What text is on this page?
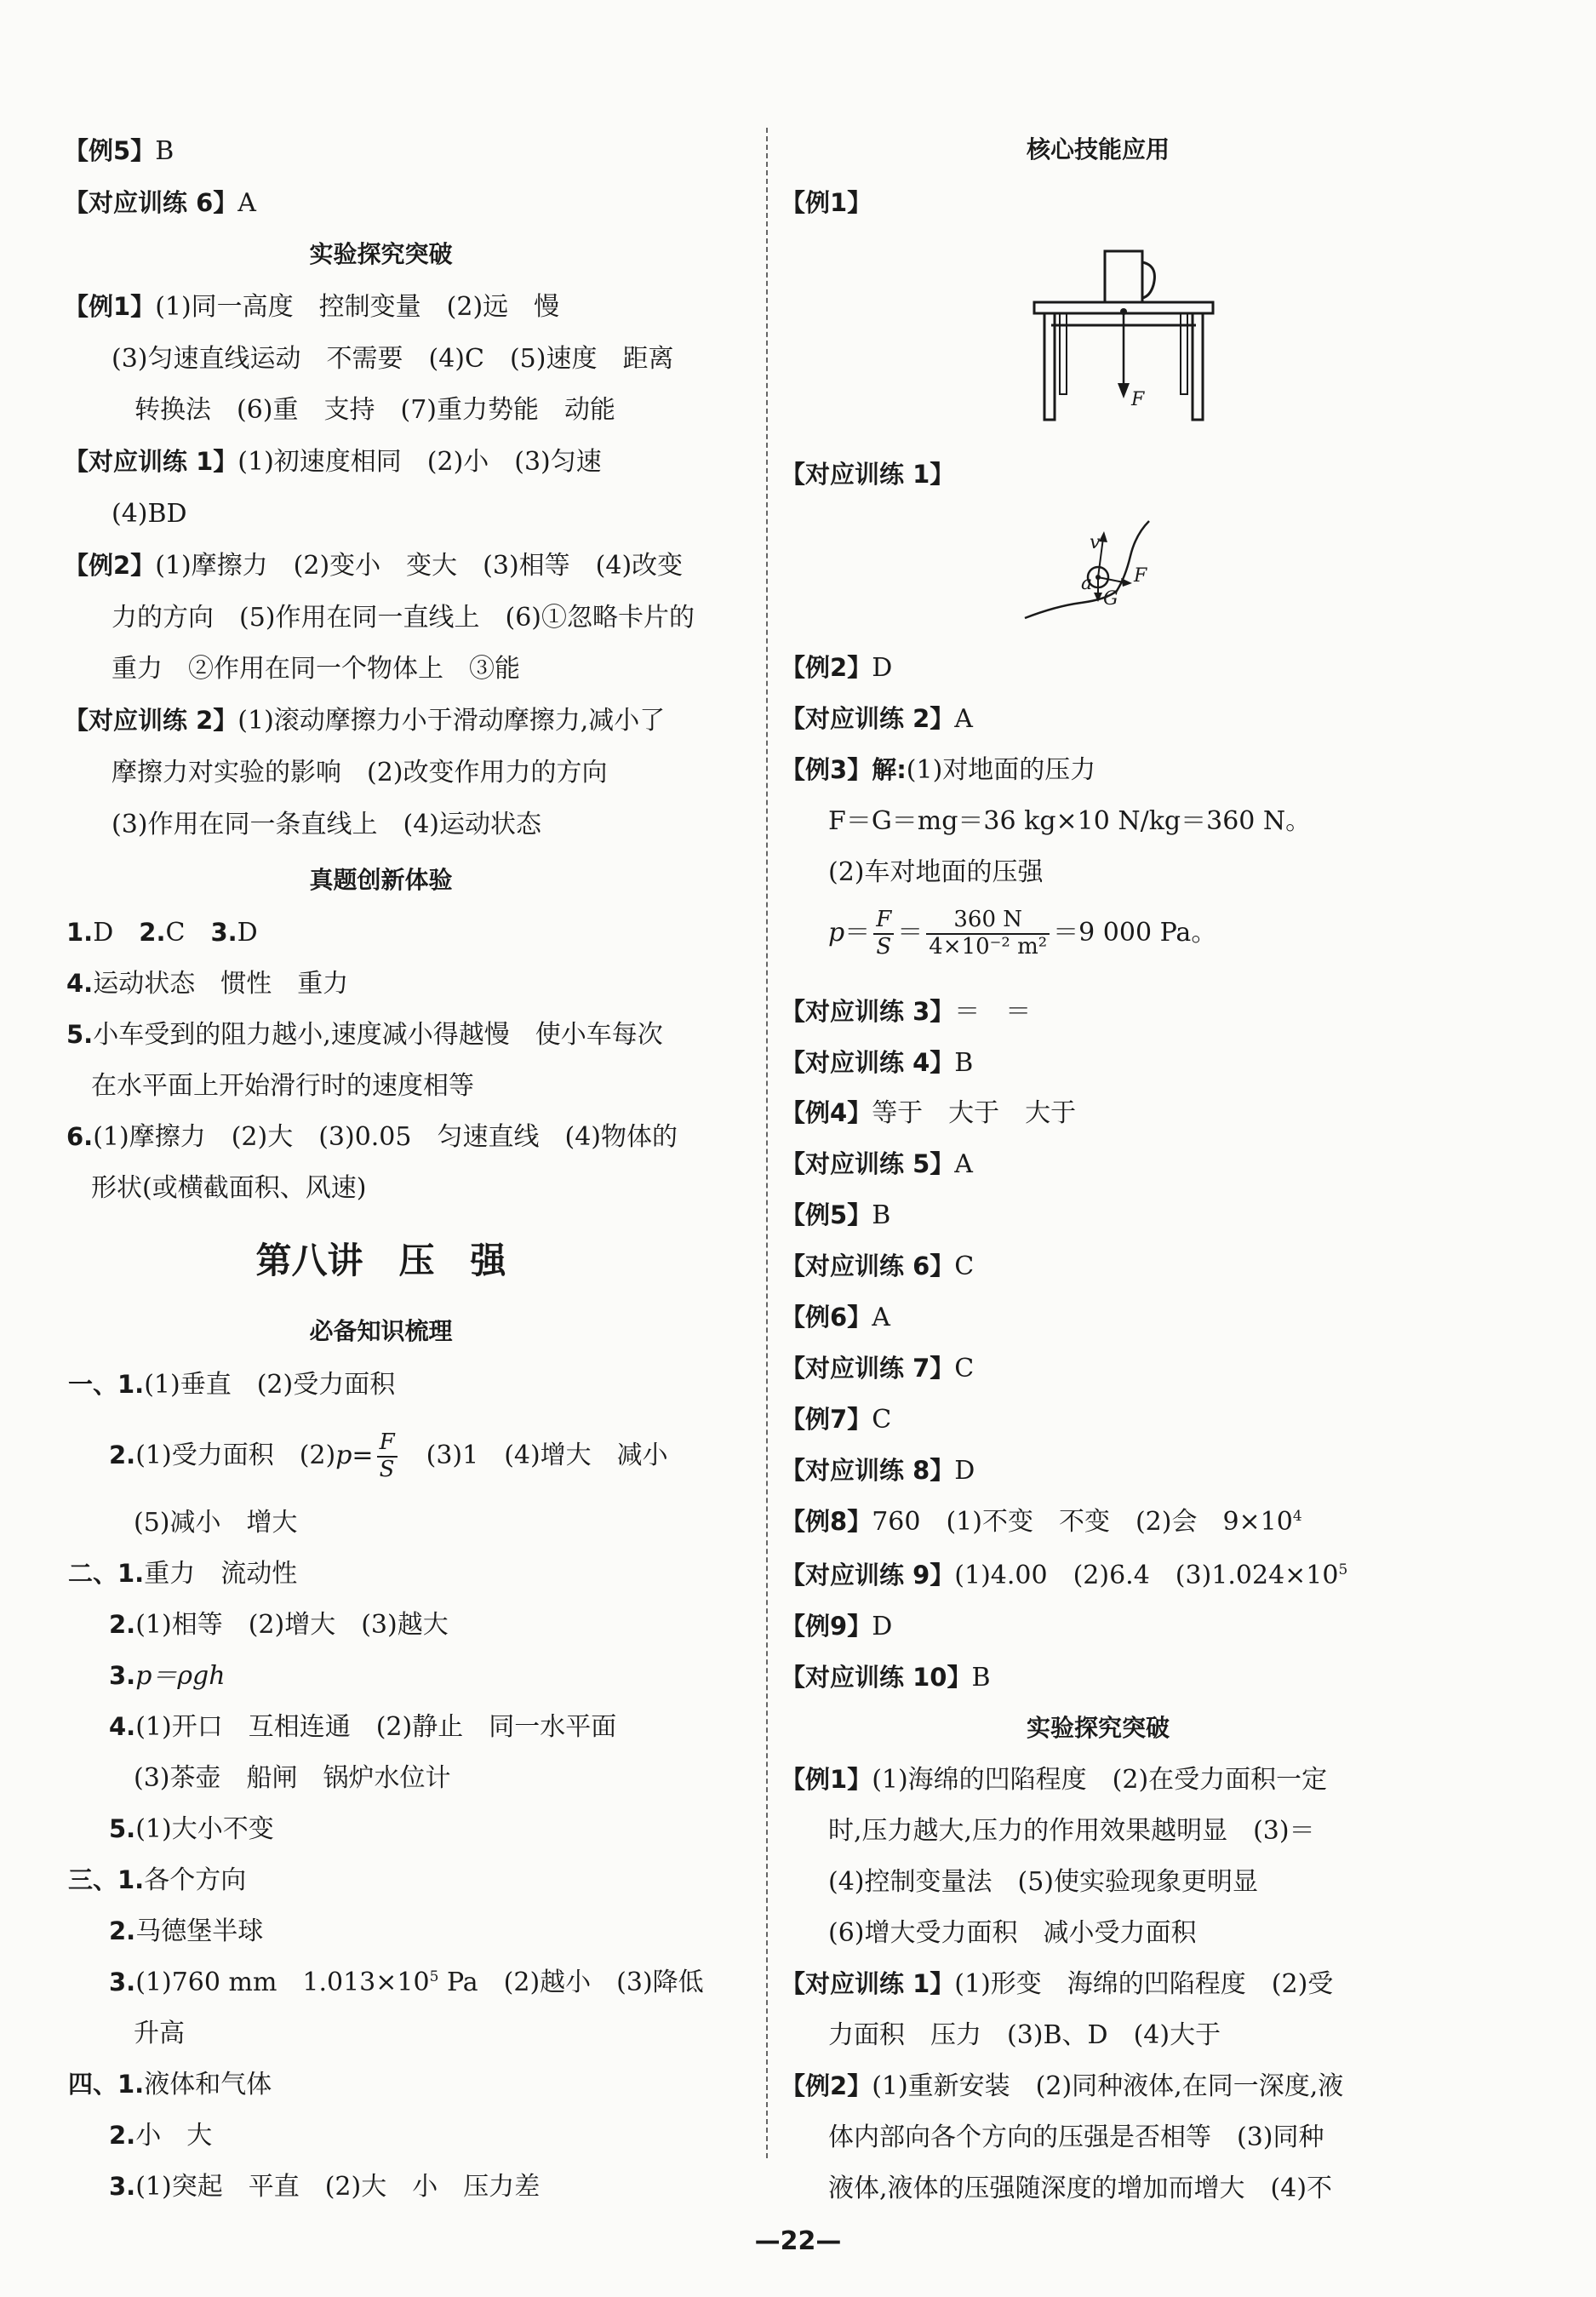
【例5】B
【对应训练 6】A
实验探究突破
【例1】(1)同一高度　控制变量　(2)远　慢
(3)匀速直线运动　不需要　(4)C　(5)速度　距离
转换法　(6)重　支持　(7)重力势能　动能
【对应训练 1】(1)初速度相同　(2)小　(3)匀速
(4)BD
【例2】(1)摩擦力　(2)变小　变大　(3)相等　(4)改变
力的方向　(5)作用在同一直线上　(6)①忽略卡片的
重力　②作用在同一个物体上　③能
【对应训练 2】(1)滚动摩擦力小于滑动摩擦力,减小了
摩擦力对实验的影响　(2)改变作用力的方向
(3)作用在同一条直线上　(4)运动状态
真题创新体验
1.D　 2.C　 3.D
4.运动状态　惯性　重力
5.小车受到的阻力越小,速度减小得越慢　使小车每次
在水平面上开始滑行时的速度相等
6.(1)摩擦力　(2)大　(3)0.05　匀速直线　(4)物体的
形状(或横截面积、风速)
第八讲　压　强
必备知识梳理
一、1.(1)垂直　(2)受力面积
2.(1)受力面积　$(2)p= \frac{F}{S}$ 　(3)1　(4)增大　减小
(5)减小　增大
二、1.重力　流动性
2.(1)相等　(2)增大　(3)越大
3.p＝ρgh
4.(1)开口　互相连通　(2)静止　同一水平面
(3)茶壶　船闸　锅炉水位计
5.(1)大小不变
三、1.各个方向
2.马德堡半球
3.(1)760 mm　$1.013\times 10^5$ Pa　(2)越小　(3)降低
升高
四、1.液体和气体
2.小　大
3.(1)突起　平直　(2)大　小　压力差
核心技能应用
【例1】
F
【对应训练 1】
v
a F
G
【例2】D
【对应训练 2】A
【例3】解:(1)对地面的压力
F＝G＝mg＝36 kg×10 N/kg＝360 N。
(2)车对地面的压强
$p= \frac{F}{S} = \frac{360 N}{\text{4×10⁻² m²}} =9$ 000 Pa。
【对应训练 3】＝　＝
【对应训练 4】B
【例4】等于　大于　大于
【对应训练 5】A
【例5】B
【对应训练 6】C
【例6】A
【对应训练 7】C
【例7】C
【对应训练 8】D
【例8】760　(1)不变　不变　(2)会　$9\times 10^4$
【对应训练 9】(1)4.00　(2)6.4　$(3)1.024\times 10^5$
【例9】D
【对应训练 10】B
实验探究突破
【例1】(1)海绵的凹陷程度　(2)在受力面积一定
时,压力越大,压力的作用效果越明显　(3)＝
(4)控制变量法　(5)使实验现象更明显
(6)增大受力面积　减小受力面积
【对应训练 1】(1)形变　海绵的凹陷程度　(2)受
力面积　压力　(3)B、D　(4)大于
【例2】(1)重新安装　(2)同种液体,在同一深度,液
体内部向各个方向的压强是否相等　(3)同种
液体,液体的压强随深度的增加而增大　(4)不
—22—
